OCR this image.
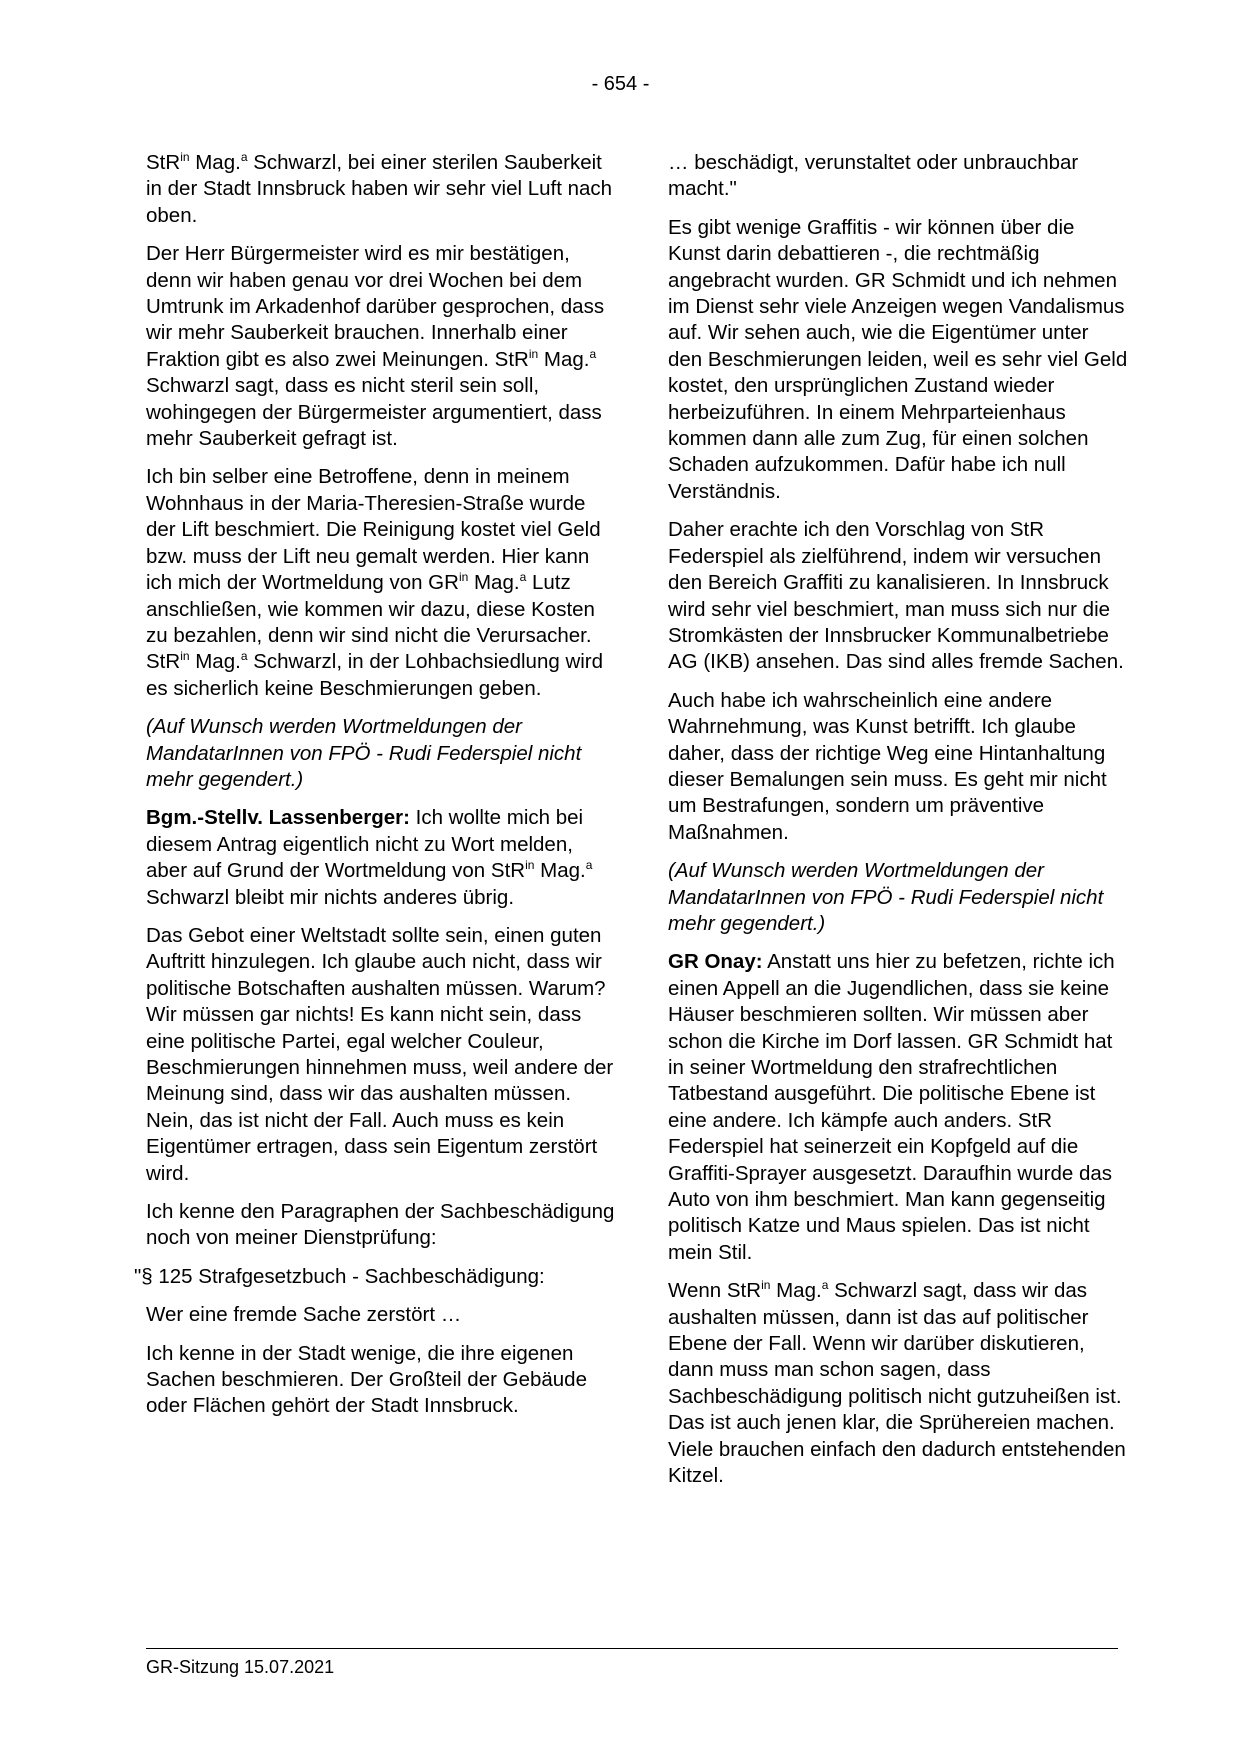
- 654 -

StR$^{in}$ Mag.$^a$ Schwarzl, bei einer sterilen Sauberkeit in der Stadt Innsbruck haben wir sehr viel Luft nach oben.

Der Herr Bürgermeister wird es mir bestätigen, denn wir haben genau vor drei Wochen bei dem Umtrunk im Arkadenhof darüber gesprochen, dass wir mehr Sauberkeit brauchen. Innerhalb einer Fraktion gibt es also zwei Meinungen. StR$^{in}$ Mag.$^a$ Schwarzl sagt, dass es nicht steril sein soll, wohingegen der Bürgermeister argumentiert, dass mehr Sauberkeit gefragt ist.

Ich bin selber eine Betroffene, denn in meinem Wohnhaus in der Maria-Theresien-Straße wurde der Lift beschmiert. Die Reinigung kostet viel Geld bzw. muss der Lift neu gemalt werden. Hier kann ich mich der Wortmeldung von $GR^{in}$ Mag.$^a$ Lutz anschließen, wie kommen wir dazu, diese Kosten zu bezahlen, denn wir sind nicht die Verursacher. StR$^{in}$ Mag.$^a$ Schwarzl, in der Lohbachsiedlung wird es sicherlich keine Beschmierungen geben.

(Auf Wunsch werden Wortmeldungen der MandatarInnen von FPÖ - Rudi Federspiel nicht mehr gegendert.)

Bgm.-Stellv. Lassenberger: Ich wollte mich bei diesem Antrag eigentlich nicht zu Wort melden, aber auf Grund der Wortmeldung von StR$^{in}$ Mag.$^a$ Schwarzl bleibt mir nichts anderes übrig.

Das Gebot einer Weltstadt sollte sein, einen guten Auftritt hinzulegen. Ich glaube auch nicht, dass wir politische Botschaften aushalten müssen. Warum? Wir müssen gar nichts! Es kann nicht sein, dass eine politische Partei, egal welcher Couleur, Beschmierungen hinnehmen muss, weil andere der Meinung sind, dass wir das aushalten müssen. Nein, das ist nicht der Fall. Auch muss es kein Eigentümer ertragen, dass sein Eigentum zerstört wird.

Ich kenne den Paragraphen der Sachbeschädigung noch von meiner Dienstprüfung:

"§ 125 Strafgesetzbuch - Sachbeschädigung:

Wer eine fremde Sache zerstört …

Ich kenne in der Stadt wenige, die ihre eigenen Sachen beschmieren. Der Großteil der Gebäude oder Flächen gehört der Stadt Innsbruck.

… beschädigt, verunstaltet oder unbrauchbar macht."

Es gibt wenige Graffitis - wir können über die Kunst darin debattieren -, die rechtmäßig angebracht wurden. GR Schmidt und ich nehmen im Dienst sehr viele Anzeigen wegen Vandalismus auf. Wir sehen auch, wie die Eigentümer unter den Beschmierungen leiden, weil es sehr viel Geld kostet, den ursprünglichen Zustand wieder herbeizuführen. In einem Mehrparteienhaus kommen dann alle zum Zug, für einen solchen Schaden aufzukommen. Dafür habe ich null Verständnis.

Daher erachte ich den Vorschlag von StR Federspiel als zielführend, indem wir versuchen den Bereich Graffiti zu kanalisieren. In Innsbruck wird sehr viel beschmiert, man muss sich nur die Stromkästen der Innsbrucker Kommunalbetriebe AG (IKB) ansehen. Das sind alles fremde Sachen.

Auch habe ich wahrscheinlich eine andere Wahrnehmung, was Kunst betrifft. Ich glaube daher, dass der richtige Weg eine Hintanhaltung dieser Bemalungen sein muss. Es geht mir nicht um Bestrafungen, sondern um präventive Maßnahmen.

(Auf Wunsch werden Wortmeldungen der MandatarInnen von FPÖ - Rudi Federspiel nicht mehr gegendert.)

GR Onay: Anstatt uns hier zu befetzen, richte ich einen Appell an die Jugendlichen, dass sie keine Häuser beschmieren sollten. Wir müssen aber schon die Kirche im Dorf lassen. GR Schmidt hat in seiner Wortmeldung den strafrechtlichen Tatbestand ausgeführt. Die politische Ebene ist eine andere. Ich kämpfe auch anders. StR Federspiel hat seinerzeit ein Kopfgeld auf die Graffiti-Sprayer ausgesetzt. Daraufhin wurde das Auto von ihm beschmiert. Man kann gegenseitig politisch Katze und Maus spielen. Das ist nicht mein Stil.

Wenn StR$^{in}$ Mag.$^a$ Schwarzl sagt, dass wir das aushalten müssen, dann ist das auf politischer Ebene der Fall. Wenn wir darüber diskutieren, dann muss man schon sagen, dass Sachbeschädigung politisch nicht gutzuheißen ist. Das ist auch jenen klar, die Sprühereien machen. Viele brauchen einfach den dadurch entstehenden Kitzel.

GR-Sitzung 15.07.2021
